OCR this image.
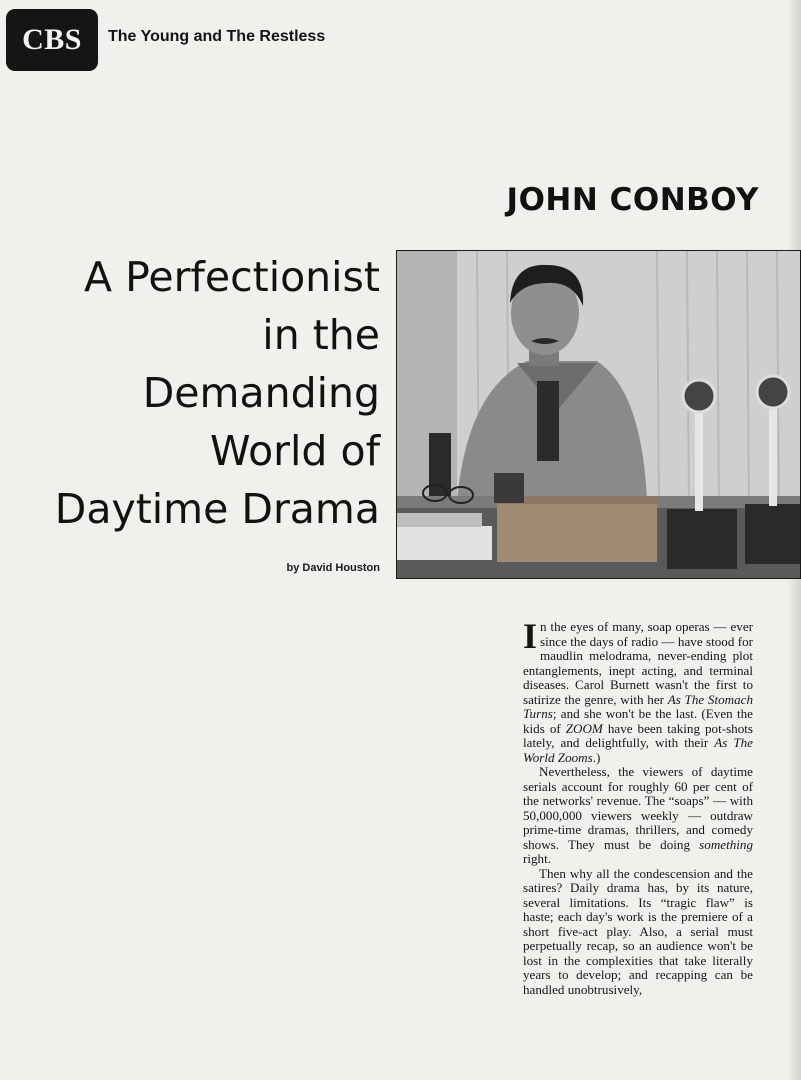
CBS The Young and The Restless
JOHN CONBOY
A Perfectionist
in the
Demanding
World of
Daytime Drama
by David Houston

In the eyes of many, soap operas — ever since the days of radio — have stood for maudlin melodrama, never-ending plot entanglements, inept acting, and terminal diseases. Carol Burnett wasn't the first to satirize the genre, with her As The Stomach Turns; and she won't be the last. (Even the kids of ZOOM have been taking pot-shots lately, and delightfully, with their As The World Zooms.)

Nevertheless, the viewers of daytime serials account for roughly 60 per cent of the networks' revenue. The “soaps” — with 50,000,000 viewers weekly — outdraw prime-time dramas, thrillers, and comedy shows. They must be doing something right.

Then why all the condescension and the satires? Daily drama has, by its nature, several limitations. Its “tragic flaw” is haste; each day's work is the premiere of a short five-act play. Also, a serial must perpetually recap, so an audience won't be lost in the complexities that take literally years to develop; and recapping can be handled unobtrusively,
